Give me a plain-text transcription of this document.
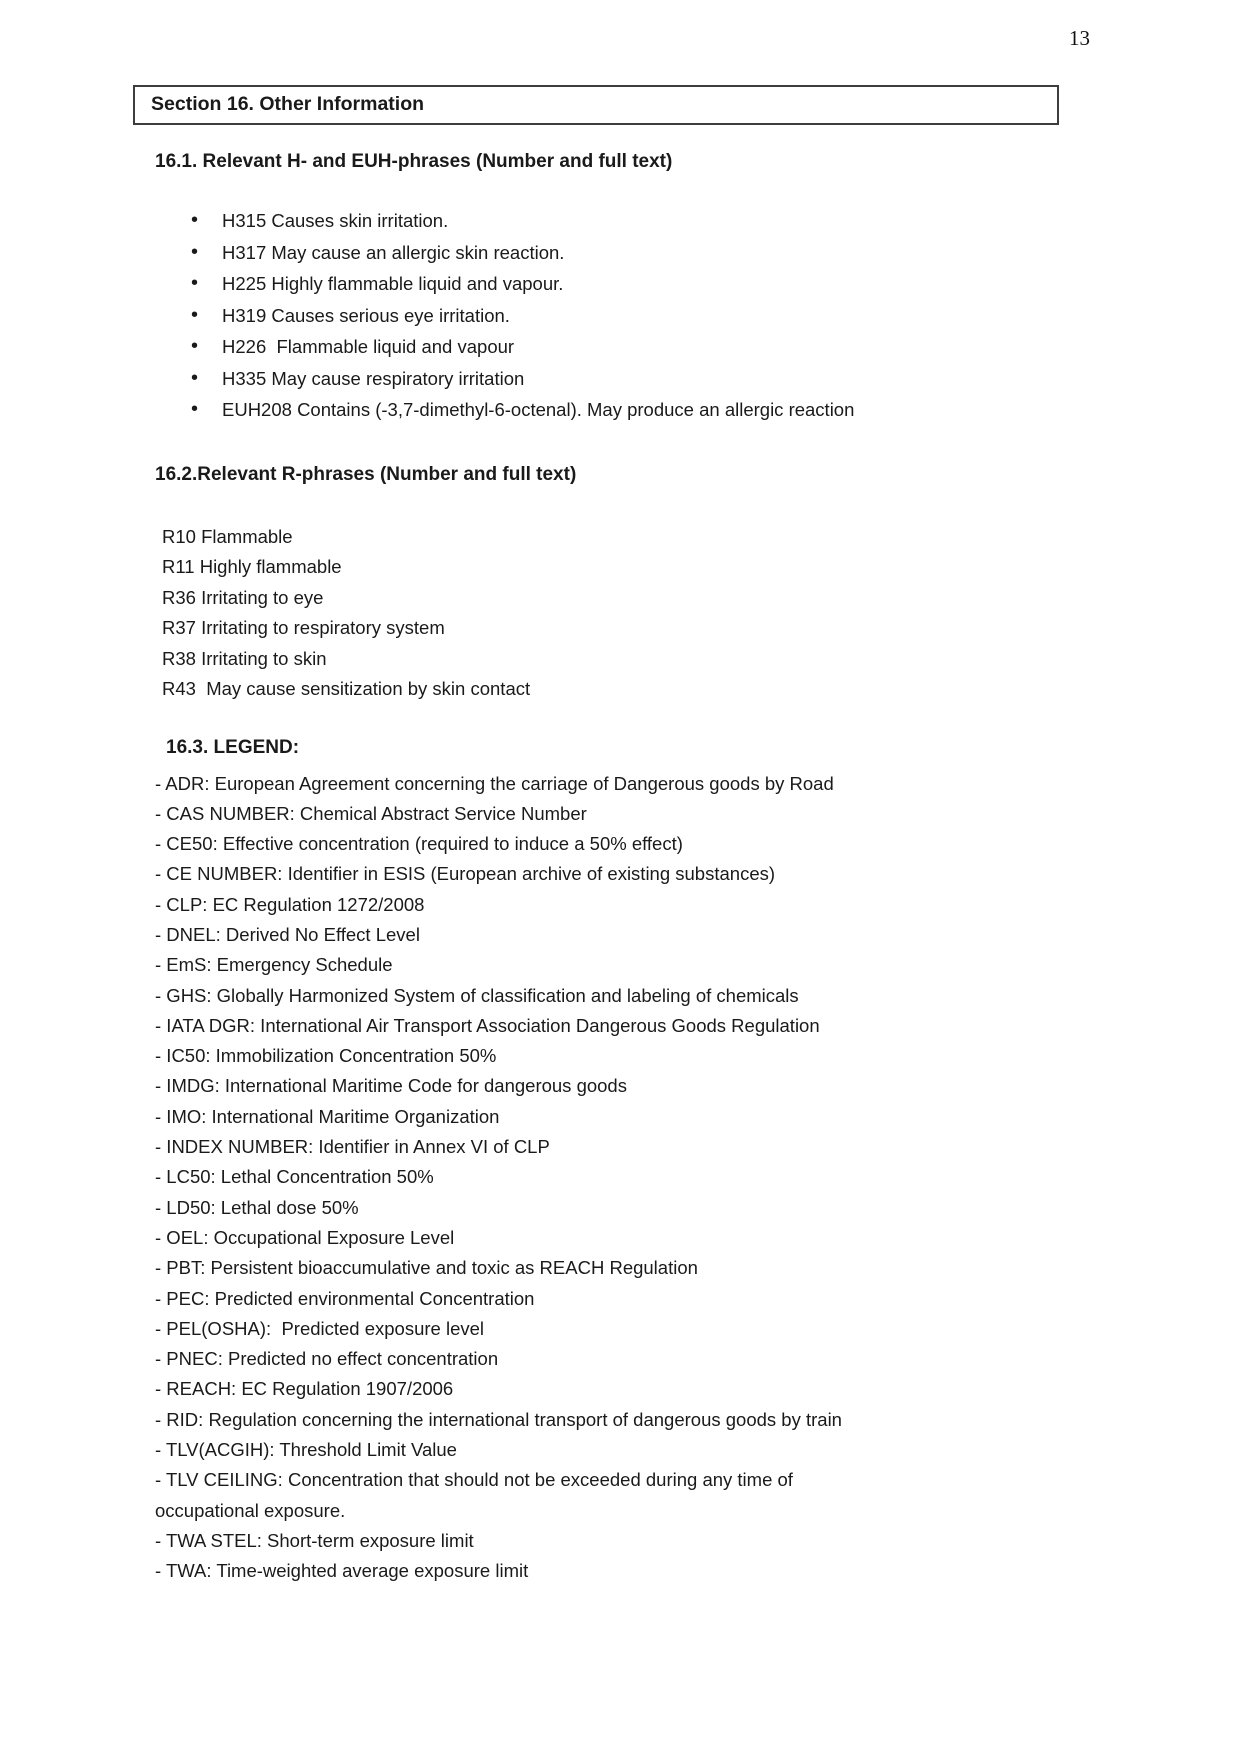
13
Section 16. Other Information
16.1. Relevant H- and EUH-phrases (Number and full text)
• H315 Causes skin irritation.
• H317 May cause an allergic skin reaction.
• H225 Highly flammable liquid and vapour.
• H319 Causes serious eye irritation.
• H226  Flammable liquid and vapour
• H335 May cause respiratory irritation
• EUH208 Contains (-3,7-dimethyl-6-octenal). May produce an allergic reaction
16.2.Relevant R-phrases (Number and full text)
R10 Flammable
R11 Highly flammable
R36 Irritating to eye
R37 Irritating to respiratory system
R38 Irritating to skin
R43  May cause sensitization by skin contact
16.3. LEGEND:
- ADR: European Agreement concerning the carriage of Dangerous goods by Road
- CAS NUMBER: Chemical Abstract Service Number
- CE50: Effective concentration (required to induce a 50% effect)
- CE NUMBER: Identifier in ESIS (European archive of existing substances)
- CLP: EC Regulation 1272/2008
- DNEL: Derived No Effect Level
- EmS: Emergency Schedule
- GHS: Globally Harmonized System of classification and labeling of chemicals
- IATA DGR: International Air Transport Association Dangerous Goods Regulation
- IC50: Immobilization Concentration 50%
- IMDG: International Maritime Code for dangerous goods
- IMO: International Maritime Organization
- INDEX NUMBER: Identifier in Annex VI of CLP
- LC50: Lethal Concentration 50%
- LD50: Lethal dose 50%
- OEL: Occupational Exposure Level
- PBT: Persistent bioaccumulative and toxic as REACH Regulation
- PEC: Predicted environmental Concentration
- PEL(OSHA):  Predicted exposure level
- PNEC: Predicted no effect concentration
- REACH: EC Regulation 1907/2006
- RID: Regulation concerning the international transport of dangerous goods by train
- TLV(ACGIH): Threshold Limit Value
- TLV CEILING: Concentration that should not be exceeded during any time of
occupational exposure.
- TWA STEL: Short-term exposure limit
- TWA: Time-weighted average exposure limit
